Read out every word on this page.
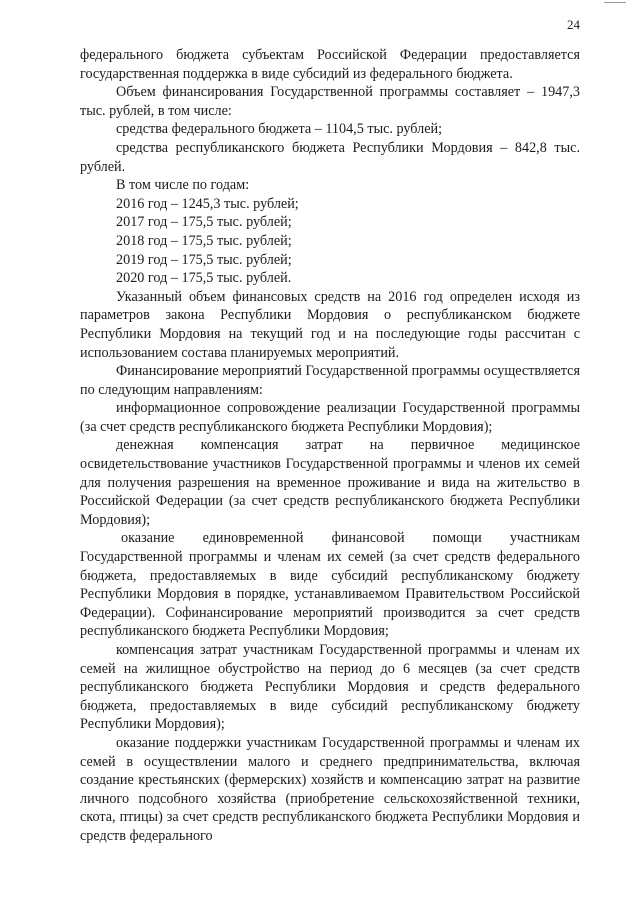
24

федерального бюджета субъектам Российской Федерации предоставляется государственная поддержка в виде субсидий из федерального бюджета.

Объем финансирования Государственной программы составляет – 1947,3 тыс. рублей, в том числе:

средства федерального бюджета – 1104,5 тыс. рублей;

средства республиканского бюджета Республики Мордовия – 842,8 тыс. рублей.

В том числе по годам:

2016 год – 1245,3 тыс. рублей;

2017 год – 175,5 тыс. рублей;

2018 год – 175,5 тыс. рублей;

2019 год – 175,5 тыс. рублей;

2020 год – 175,5 тыс. рублей.

Указанный объем финансовых средств на 2016 год определен исходя из параметров закона Республики Мордовия о республиканском бюджете Республики Мордовия на текущий год и на последующие годы рассчитан с использованием состава планируемых мероприятий.

Финансирование мероприятий Государственной программы осуществляется по следующим направлениям:

информационное сопровождение реализации Государственной программы (за счет средств республиканского бюджета Республики Мордовия);

денежная компенсация затрат на первичное медицинское освидетельствование участников Государственной программы и членов их семей для получения разрешения на временное проживание и вида на жительство в Российской Федерации (за счет средств республиканского бюджета Республики Мордовия);

оказание единовременной финансовой помощи участникам Государственной программы и членам их семей (за счет средств федерального бюджета, предоставляемых в виде субсидий республиканскому бюджету Республики Мордовия в порядке, устанавливаемом Правительством Российской Федерации). Софинансирование мероприятий производится за счет средств республиканского бюджета Республики Мордовия;

компенсация затрат участникам Государственной программы и членам их семей на жилищное обустройство на период до 6 месяцев (за счет средств республиканского бюджета Республики Мордовия и средств федерального бюджета, предоставляемых в виде субсидий республиканскому бюджету Республики Мордовия);

оказание поддержки участникам Государственной программы и членам их семей в осуществлении малого и среднего предпринимательства, включая создание крестьянских (фермерских) хозяйств и компенсацию затрат на развитие личного подсобного хозяйства (приобретение сельскохозяйственной техники, скота, птицы) за счет средств республиканского бюджета Республики Мордовия и средств федерального
